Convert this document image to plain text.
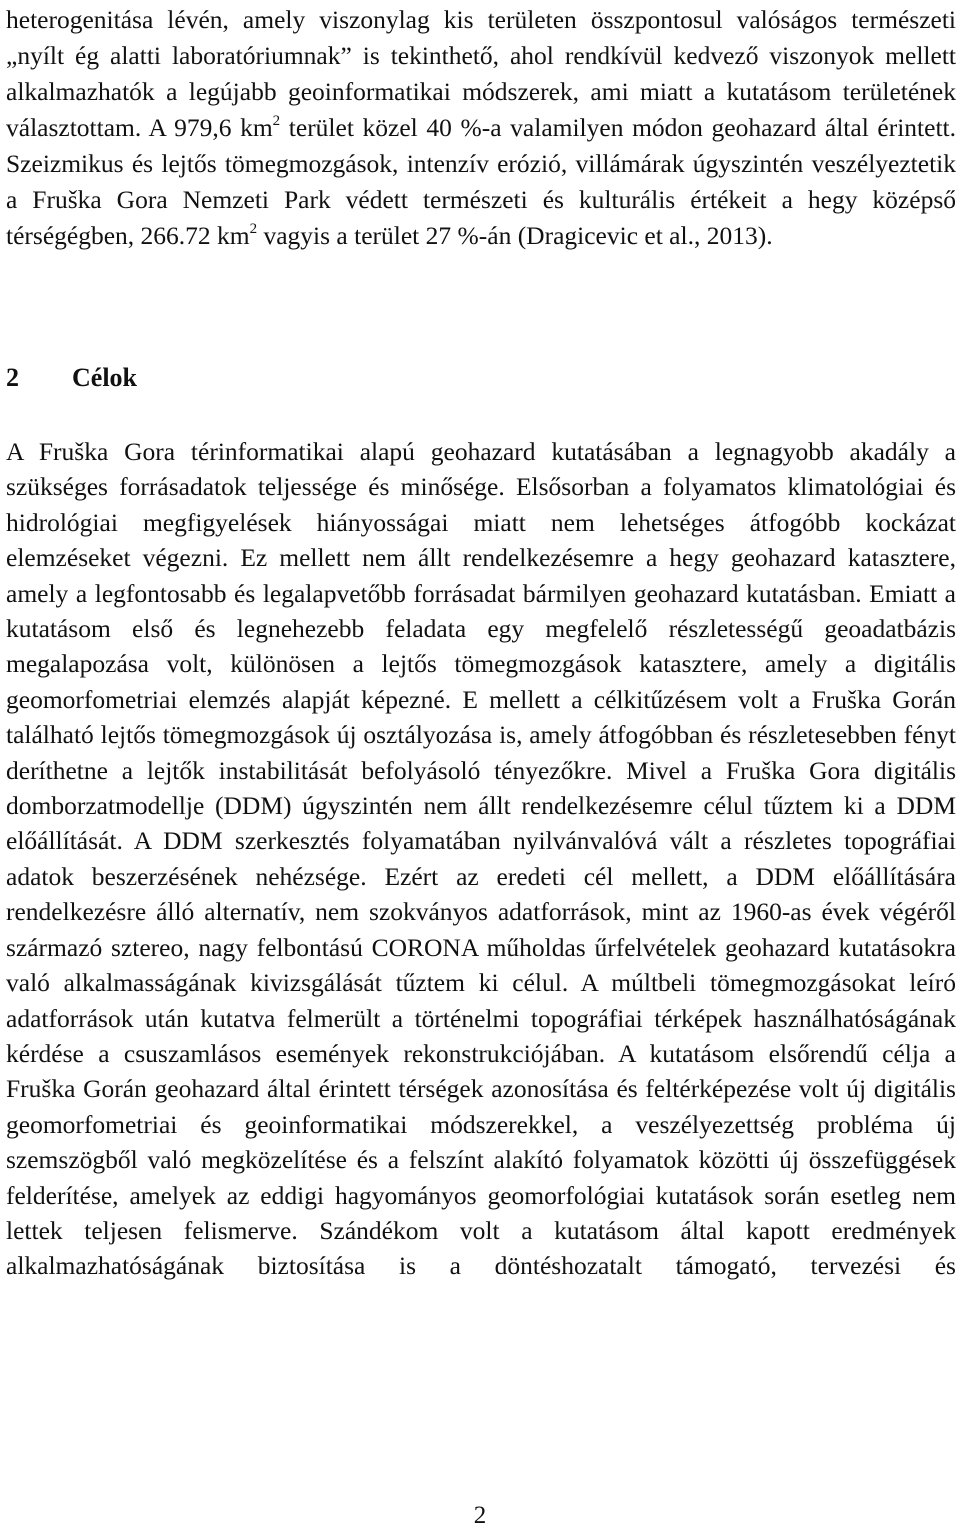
heterogenitása lévén, amely viszonylag kis területen összpontosul valóságos természeti „nyílt ég alatti laboratóriumnak” is tekinthető, ahol rendkívül kedvező viszonyok mellett alkalmazhatók a legújabb geoinformatikai módszerek, ami miatt a kutatásom területének választottam. A 979,6 $km^2$ terület közel 40 %-a valamilyen módon geohazard által érintett. Szeizmikus és lejtős tömegmozgások, intenzív erózió, villámárak úgyszintén veszélyeztetik a Fruška Gora Nemzeti Park védett természeti és kulturális értékeit a hegy középső térségégben, 266.72 $km^2$ vagyis a terület 27 %-án (Dragicevic et al., 2013).
2 Célok
A Fruška Gora térinformatikai alapú geohazard kutatásában a legnagyobb akadály a szükséges forrásadatok teljessége és minősége. Elsősorban a folyamatos klimatológiai és hidrológiai megfigyelések hiányosságai miatt nem lehetséges átfogóbb kockázat elemzéseket végezni. Ez mellett nem állt rendelkezésemre a hegy geohazard katasztere, amely a legfontosabb és legalapvetőbb forrásadat bármilyen geohazard kutatásban. Emiatt a kutatásom első és legnehezebb feladata egy megfelelő részletességű geoadatbázis megalapozása volt, különösen a lejtős tömegmozgások katasztere, amely a digitális geomorfometriai elemzés alapját képezné. E mellett a célkitűzésem volt a Fruška Gorán található lejtős tömegmozgások új osztályozása is, amely átfogóbban és részletesebben fényt deríthetne a lejtők instabilitását befolyásoló tényezőkre. Mivel a Fruška Gora digitális domborzatmodellje (DDM) úgyszintén nem állt rendelkezésemre célul tűztem ki a DDM előállítását. A DDM szerkesztés folyamatában nyilvánvalóvá vált a részletes topográfiai adatok beszerzésének nehézsége. Ezért az eredeti cél mellett, a DDM előállítására rendelkezésre álló alternatív, nem szokványos adatforrások, mint az 1960-as évek végéről származó sztereo, nagy felbontású CORONA műholdas űrfelvételek geohazard kutatásokra való alkalmasságának kivizsgálását tűztem ki célul. A múltbeli tömegmozgásokat leíró adatforrások után kutatva felmerült a történelmi topográfiai térképek használhatóságának kérdése a csuszamlásos események rekonstrukciójában. A kutatásom elsőrendű célja a Fruška Gorán geohazard által érintett térségek azonosítása és feltérképezése volt új digitális geomorfometriai és geoinformatikai módszerekkel, a veszélyezettség probléma új szemszögből való megközelítése és a felszínt alakító folyamatok közötti új összefüggések felderítése, amelyek az eddigi hagyományos geomorfológiai kutatások során esetleg nem lettek teljesen felismerve. Szándékom volt a kutatásom által kapott eredmények alkalmazhatóságának biztosítása is a döntéshozatalt támogató, tervezési és
2
